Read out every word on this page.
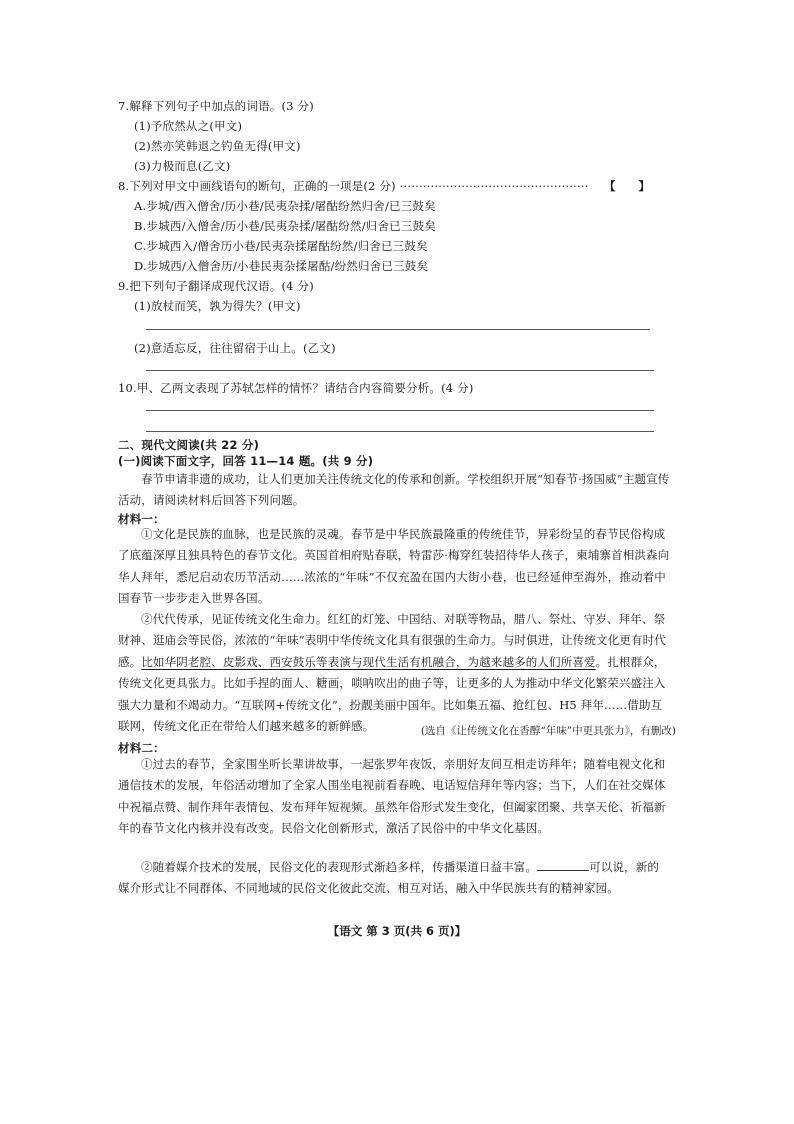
7.解释下列句子中加点的词语。(3 分)
(1)予欣然从之(甲文)
(2)然亦笑韩退之钓鱼无得(甲文)
(3)力极而息(乙文)
8.下列对甲文中画线语句的断句，正确的一项是(2 分) ·················································	【　　】
A.步城/西入僧舍/历小巷/民夷杂揉/屠酤纷然归舍/已三鼓矣
B.步城西/入僧舍/历小巷/民夷杂揉/屠酤纷然/归舍已三鼓矣
C.步城西入/僧舍历小巷/民夷杂揉屠酤纷然/归舍已三鼓矣
D.步城西/入僧舍历/小巷民夷杂揉屠酤/纷然归舍已三鼓矣
9.把下列句子翻译成现代汉语。(4 分)
(1)放杖而笑，孰为得失？(甲文)
(2)意适忘反，往往留宿于山上。(乙文)
10.甲、乙两文表现了苏轼怎样的情怀？请结合内容简要分析。(4 分)
二、现代文阅读(共 22 分)
(一)阅读下面文字，回答 11—14 题。(共 9 分)
春节申请非遗的成功，让人们更加关注传统文化的传承和创新。学校组织开展“知春节·扬国威”主题宣传活动，请阅读材料后回答下列问题。
材料一：
①文化是民族的血脉，也是民族的灵魂。春节是中华民族最隆重的传统佳节，异彩纷呈的春节民俗构成了底蕴深厚且独具特色的春节文化。英国首相府贴春联，特雷莎·梅穿红装招待华人孩子，柬埔寨首相洪森向华人拜年，悉尼启动农历节活动……浓浓的“年味”不仅充盈在国内大街小巷，也已经延伸至海外，推动着中国春节一步步走入世界各国。
②代代传承，见证传统文化生命力。红红的灯笼、中国结、对联等物品，腊八、祭灶、守岁、拜年、祭财神、逛庙会等民俗，浓浓的“年味”表明中华传统文化具有很强的生命力。与时俱进，让传统文化更有时代感。比如华阴老腔、皮影戏、西安鼓乐等表演与现代生活有机融合，为越来越多的人们所喜爱。扎根群众，传统文化更具张力。比如手捏的面人、糖画，唢呐吹出的曲子等，让更多的人为推动中华文化繁荣兴盛注入强大力量和不竭动力。“互联网+传统文化”，扮靓美丽中国年。比如集五福、抢红包、H5 拜年……借助互联网，传统文化正在带给人们越来越多的新鲜感。	(选自《让传统文化在香醇“年味”中更具张力》，有删改)
材料二：
①过去的春节，全家围坐听长辈讲故事，一起张罗年夜饭，亲朋好友间互相走访拜年；随着电视文化和通信技术的发展，年俗活动增加了全家人围坐电视前看春晚、电话短信拜年等内容；当下，人们在社交媒体中祝福点赞、制作拜年表情包、发布拜年短视频。虽然年俗形式发生变化，但阖家团聚、共享天伦、祈福新年的春节文化内核并没有改变。民俗文化创新形式，激活了民俗中的中华文化基因。
②随着媒介技术的发展，民俗文化的表现形式渐趋多样，传播渠道日益丰富。	可以说，新的媒介形式让不同群体、不同地域的民俗文化彼此交流、相互对话，融入中华民族共有的精神家园。
【语文 第 3 页(共 6 页)】
